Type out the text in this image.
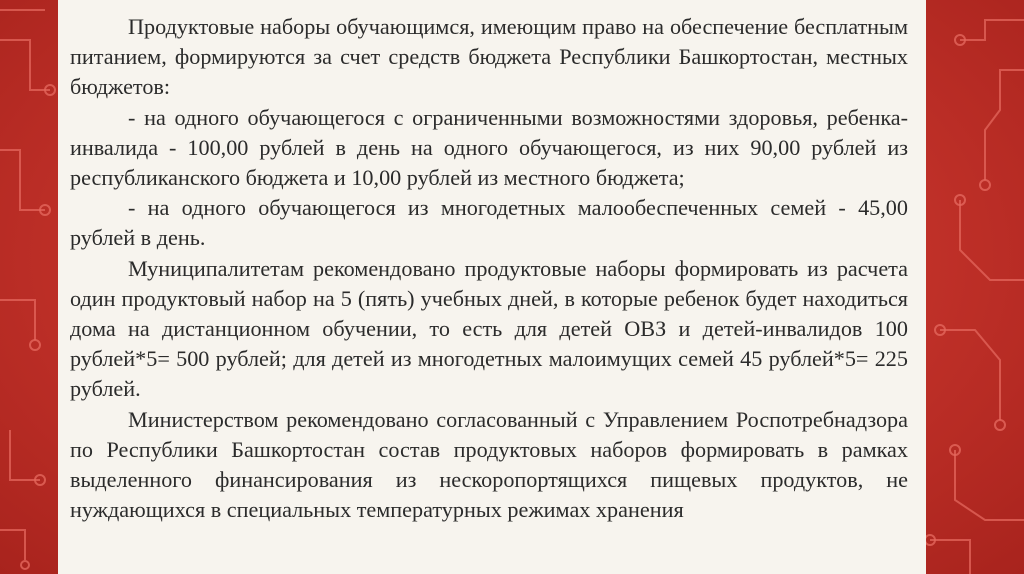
Продуктовые наборы обучающимся, имеющим право на обеспечение бесплатным питанием, формируются за счет средств бюджета Республики Башкортостан, местных бюджетов:

- на одного обучающегося с ограниченными возможностями здоровья, ребенка-инвалида - 100,00 рублей в день на одного обучающегося, из них 90,00 рублей из республиканского бюджета и 10,00 рублей из местного бюджета;

- на одного обучающегося из многодетных малообеспеченных семей - 45,00 рублей в день.

Муниципалитетам рекомендовано продуктовые наборы формировать из расчета один продуктовый набор на 5 (пять) учебных дней, в которые ребенок будет находиться дома на дистанционном обучении, то есть для детей ОВЗ и детей-инвалидов 100 рублей*5= 500 рублей; для детей из многодетных малоимущих семей 45 рублей*5= 225 рублей.

Министерством рекомендовано согласованный с Управлением Роспотребнадзора по Республики Башкортостан состав продуктовых наборов формировать в рамках выделенного финансирования из нескоропортящихся пищевых продуктов, не нуждающихся в специальных температурных режимах хранения
